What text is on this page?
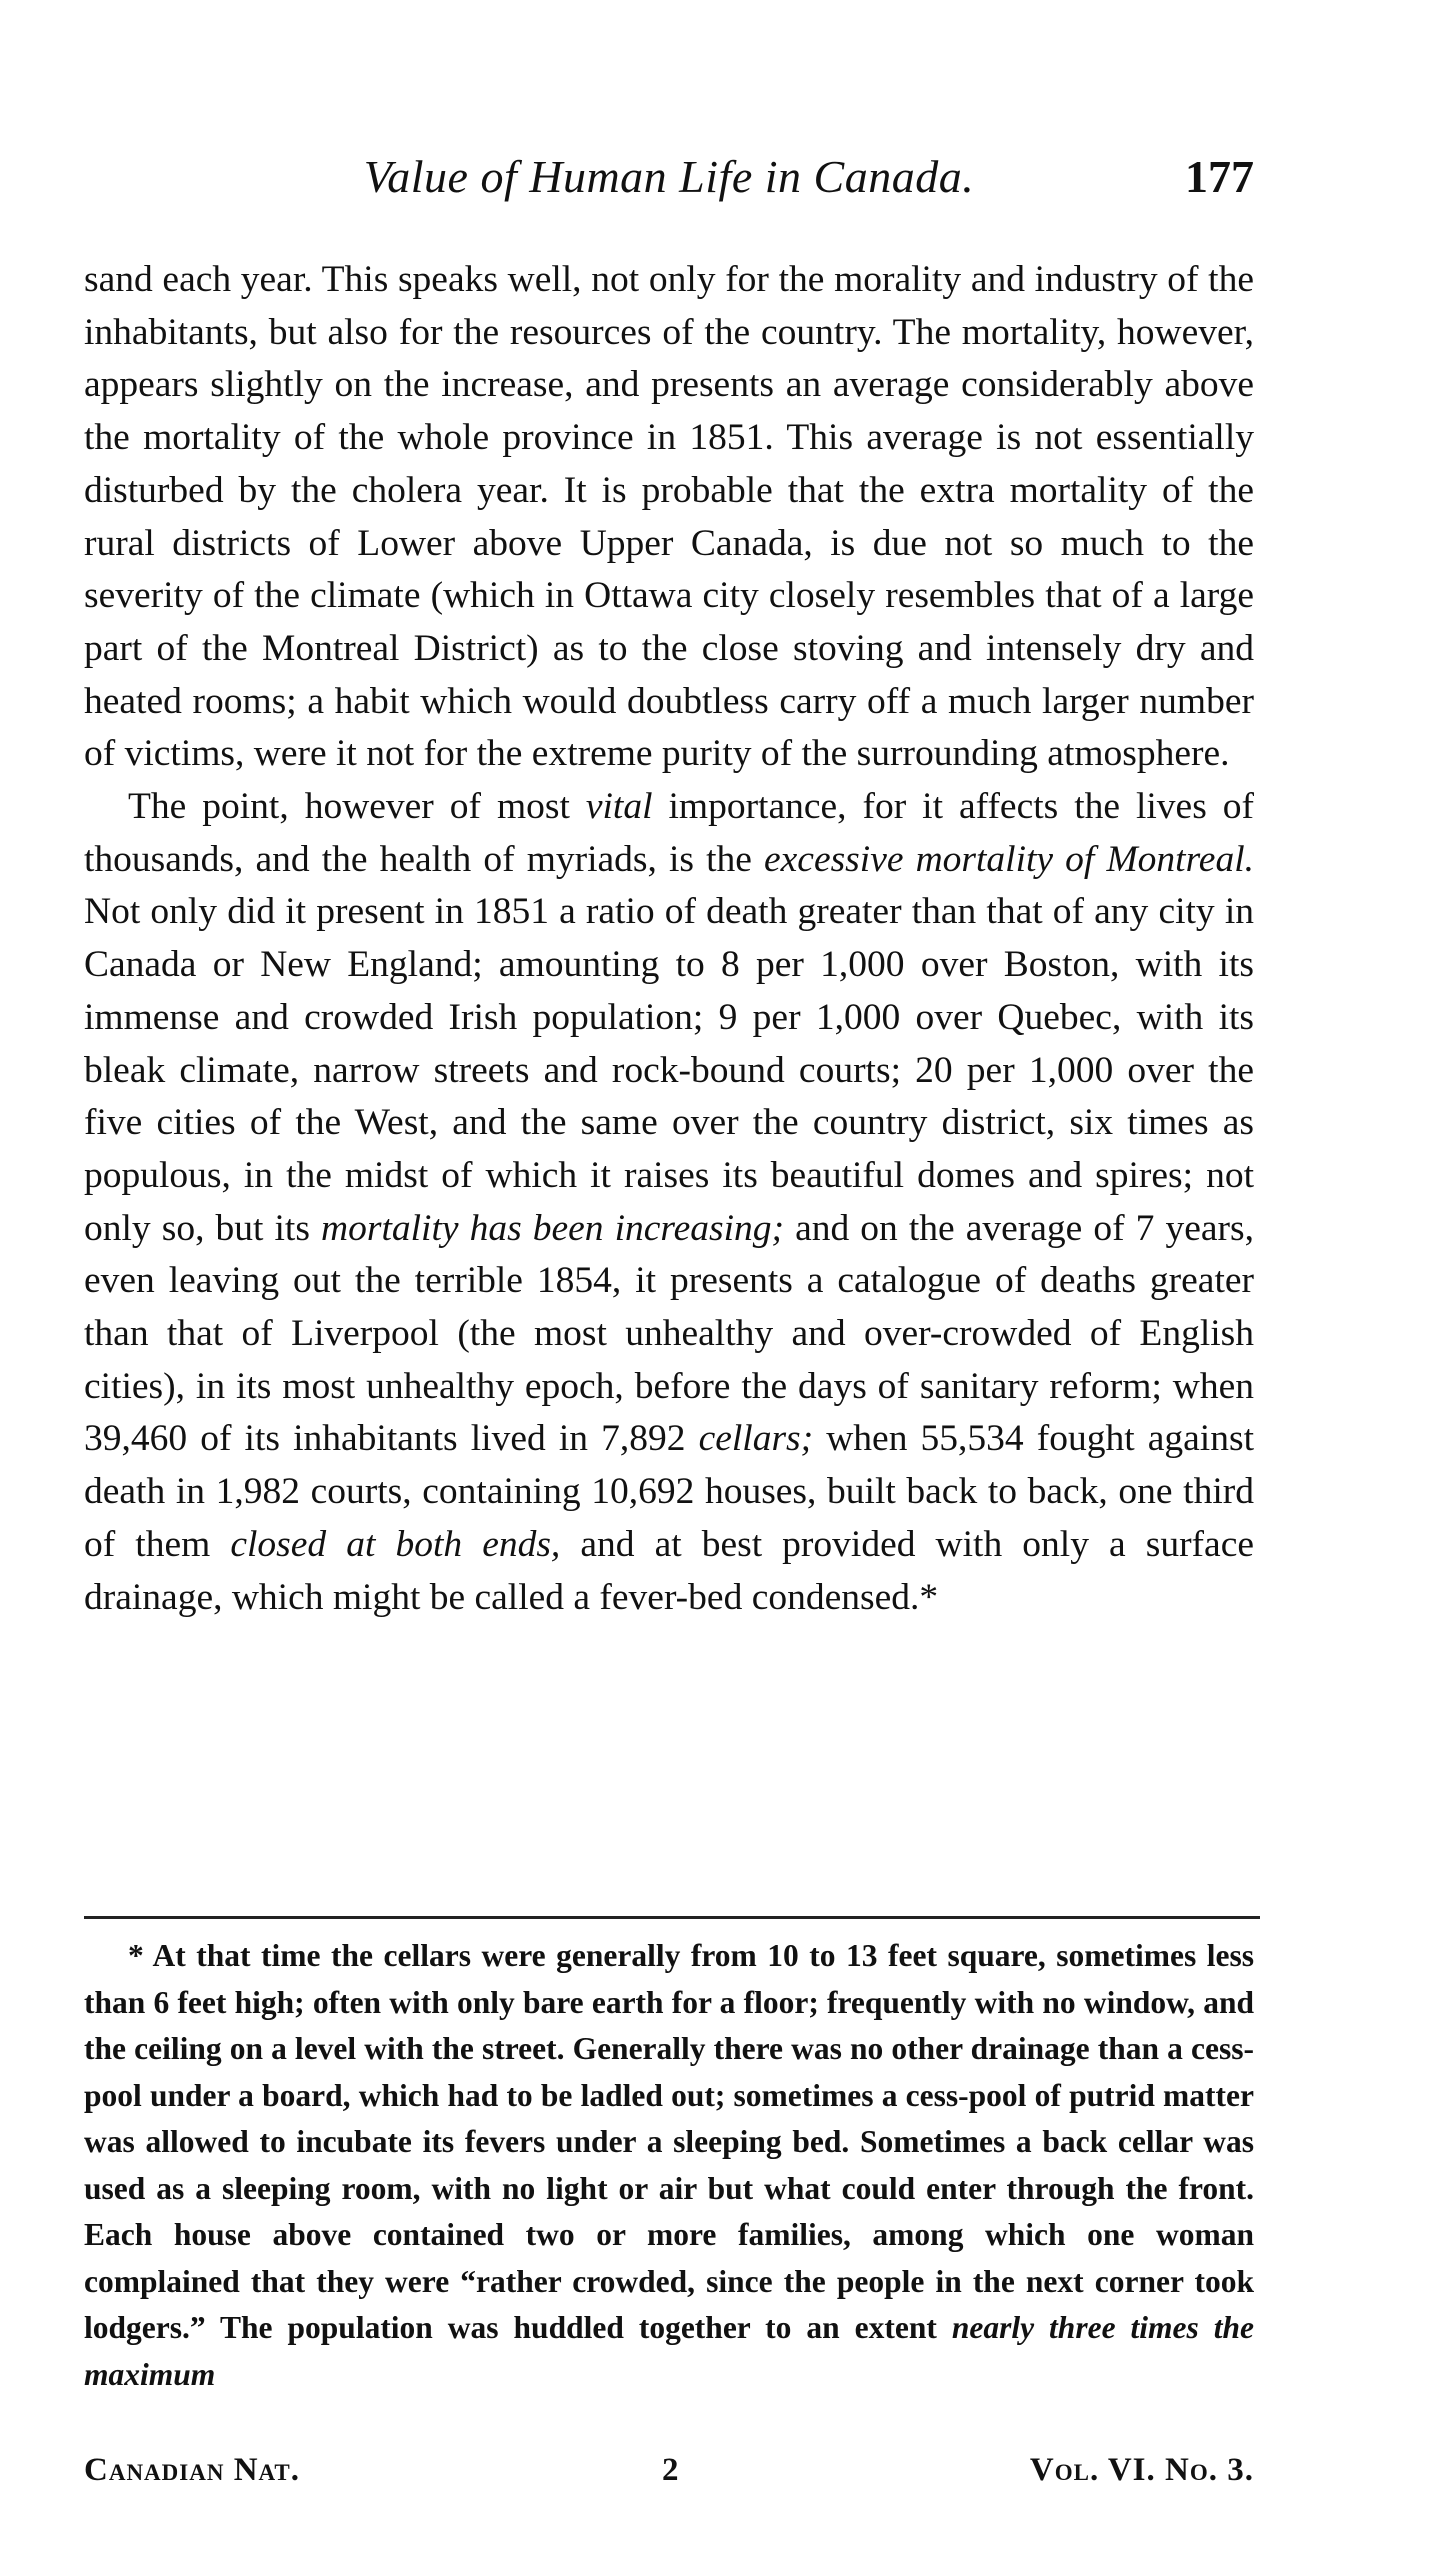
Value of Human Life in Canada.	177

sand each year. This speaks well, not only for the morality and industry of the inhabitants, but also for the resources of the country. The mortality, however, appears slightly on the increase, and presents an average considerably above the mortality of the whole province in 1851. This average is not essentially disturbed by the cholera year. It is probable that the extra mortality of the rural districts of Lower above Upper Canada, is due not so much to the severity of the climate (which in Ottawa city closely resembles that of a large part of the Montreal District) as to the close stoving and intensely dry and heated rooms; a habit which would doubtless carry off a much larger number of victims, were it not for the extreme purity of the surrounding atmosphere.

The point, however of most vital importance, for it affects the lives of thousands, and the health of myriads, is the excessive mortality of Montreal. Not only did it present in 1851 a ratio of death greater than that of any city in Canada or New England; amounting to 8 per 1,000 over Boston, with its immense and crowded Irish population; 9 per 1,000 over Quebec, with its bleak climate, narrow streets and rock-bound courts; 20 per 1,000 over the five cities of the West, and the same over the country district, six times as populous, in the midst of which it raises its beautiful domes and spires; not only so, but its mortality has been increasing; and on the average of 7 years, even leaving out the terrible 1854, it presents a catalogue of deaths greater than that of Liverpool (the most unhealthy and over-crowded of English cities), in its most unhealthy epoch, before the days of sanitary reform; when 39,460 of its inhabitants lived in 7,892 cellars; when 55,534 fought against death in 1,982 courts, containing 10,692 houses, built back to back, one third of them closed at both ends, and at best provided with only a surface drainage, which might be called a fever-bed condensed.*

* At that time the cellars were generally from 10 to 13 feet square, sometimes less than 6 feet high; often with only bare earth for a floor; frequently with no window, and the ceiling on a level with the street. Generally there was no other drainage than a cess-pool under a board, which had to be ladled out; sometimes a cess-pool of putrid matter was allowed to incubate its fevers under a sleeping bed. Sometimes a back cellar was used as a sleeping room, with no light or air but what could enter through the front. Each house above contained two or more families, among which one woman complained that they were “rather crowded, since the people in the next corner took lodgers.” The population was huddled together to an extent nearly three times the maximum

Canadian Nat.	2	Vol. VI. No. 3.
